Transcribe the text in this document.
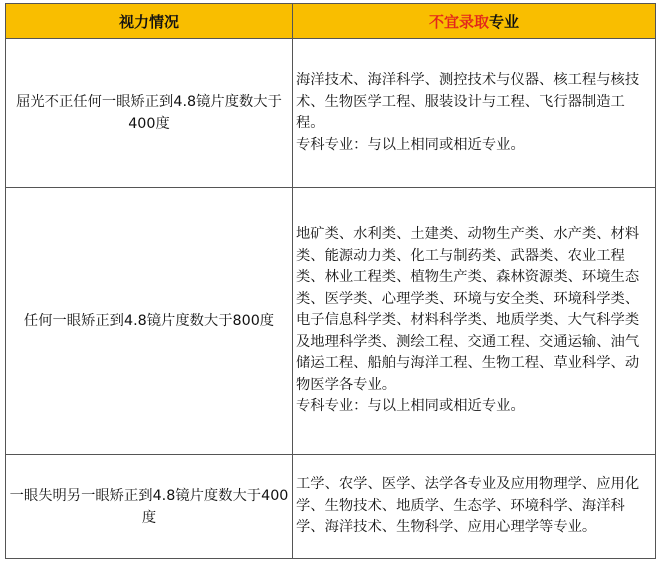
视力情况	不宜录取专业
屈光不正任何一眼矫正到4.8镜片度数大于400度	海洋技术、海洋科学、测控技术与仪器、核工程与核技术、生物医学工程、服装设计与工程、飞行器制造工程。
专科专业：与以上相同或相近专业。

任何一眼矫正到4.8镜片度数大于800度	地矿类、水利类、土建类、动物生产类、水产类、材料类、能源动力类、化工与制药类、武器类、农业工程类、林业工程类、植物生产类、森林资源类、环境生态类、医学类、心理学类、环境与安全类、环境科学类、电子信息科学类、材料科学类、地质学类、大气科学类及地理科学类、测绘工程、交通工程、交通运输、油气储运工程、船舶与海洋工程、生物工程、草业科学、动物医学各专业。
专科专业：与以上相同或相近专业。

一眼失明另一眼矫正到4.8镜片度数大于400度	工学、农学、医学、法学各专业及应用物理学、应用化学、生物技术、地质学、生态学、环境科学、海洋科学、海洋技术、生物科学、应用心理学等专业。
